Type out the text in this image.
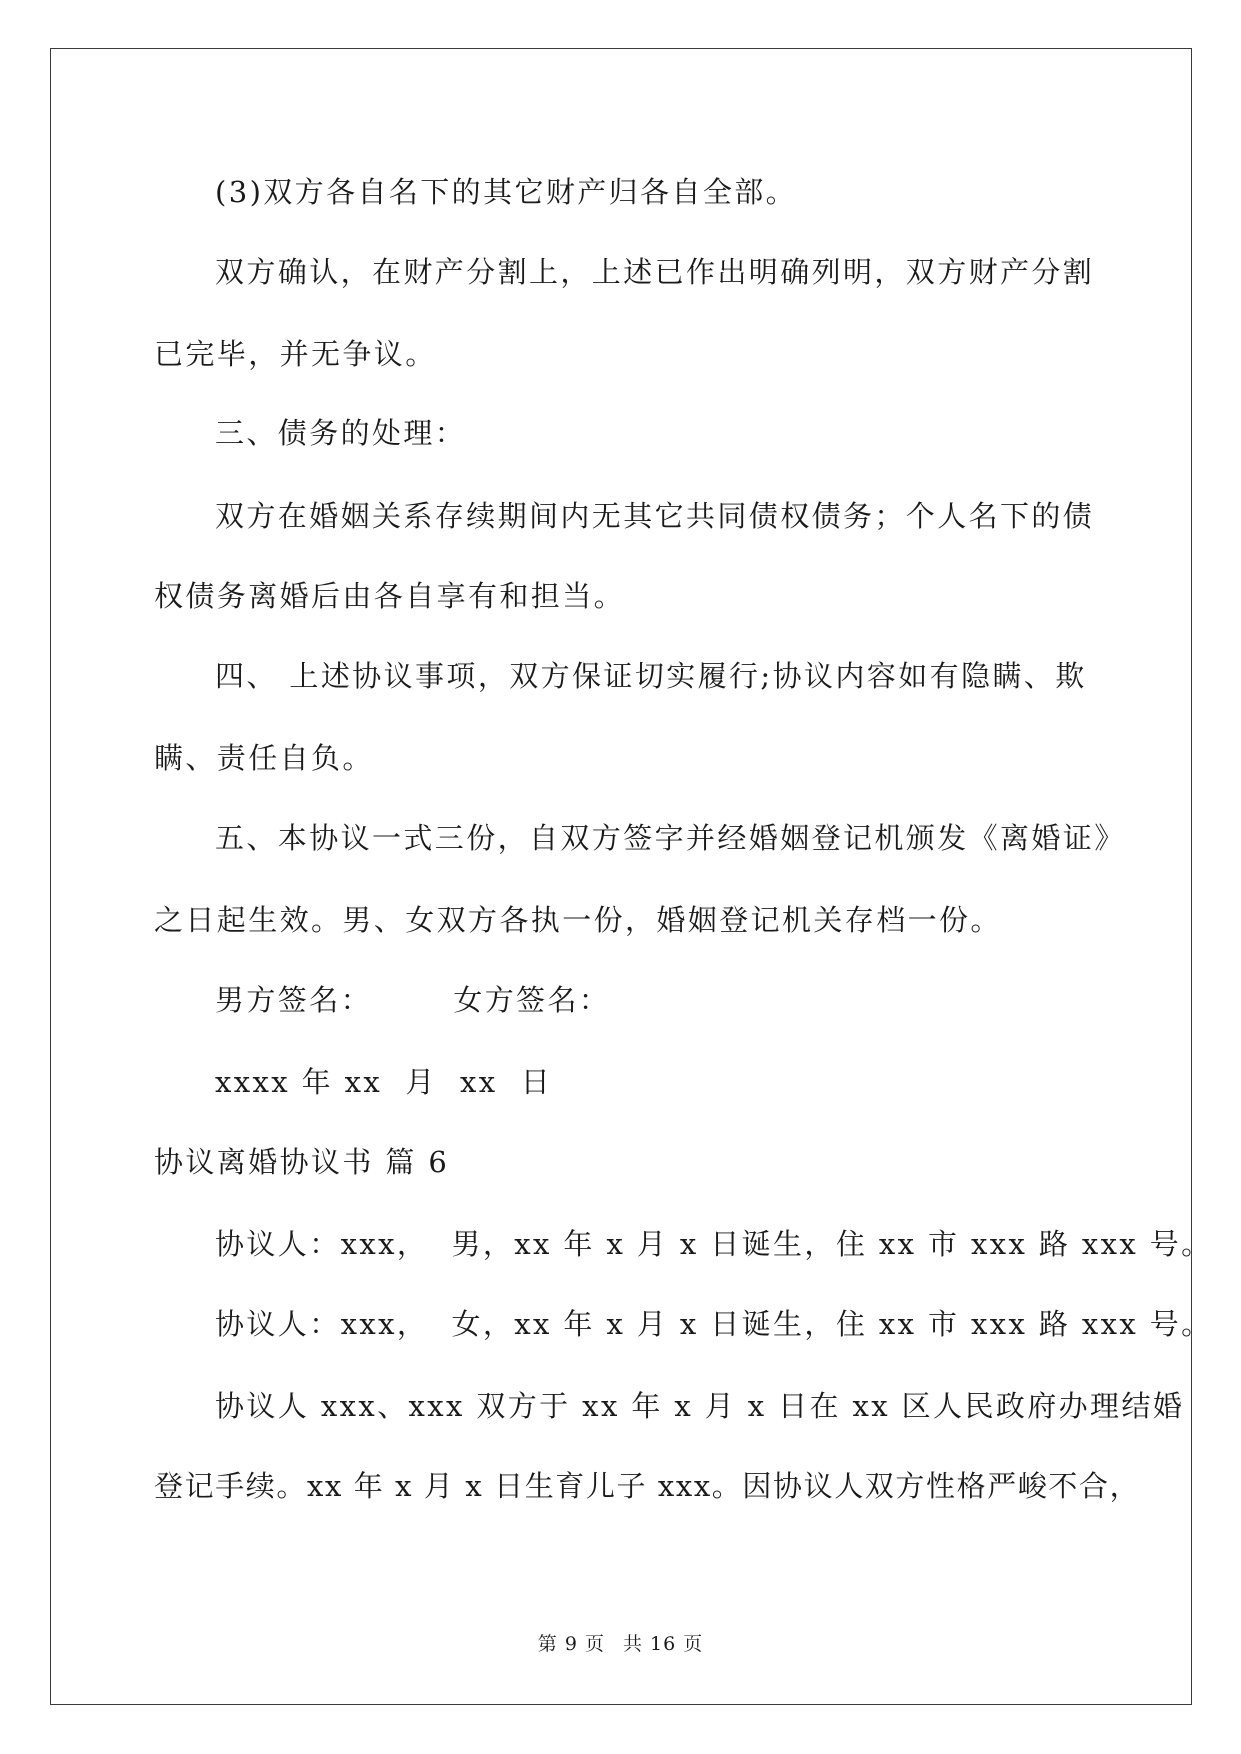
(3)双方各自名下的其它财产归各自全部。
双方确认，在财产分割上，上述已作出明确列明，双方财产分割
已完毕，并无争议。
三、债务的处理：
双方在婚姻关系存续期间内无其它共同债权债务；个人名下的债
权债务离婚后由各自享有和担当。
四、 上述协议事项，双方保证切实履行;协议内容如有隐瞒、欺
瞒、责任自负。
五、本协议一式三份，自双方签字并经婚姻登记机颁发《离婚证》
之日起生效。男、女双方各执一份，婚姻登记机关存档一份。
男方签名：       女方签名：
xxxx 年 xx  月  xx  日
协议离婚协议书 篇 6
协议人：xxx，  男，xx 年 x 月 x 日诞生，住 xx 市 xxx 路 xxx 号。
协议人：xxx，  女，xx 年 x 月 x 日诞生，住 xx 市 xxx 路 xxx 号。
协议人 xxx、xxx 双方于 xx 年 x 月 x 日在 xx 区人民政府办理结婚
登记手续。xx 年 x 月 x 日生育儿子 xxx。因协议人双方性格严峻不合，
第 9 页 共 16 页
